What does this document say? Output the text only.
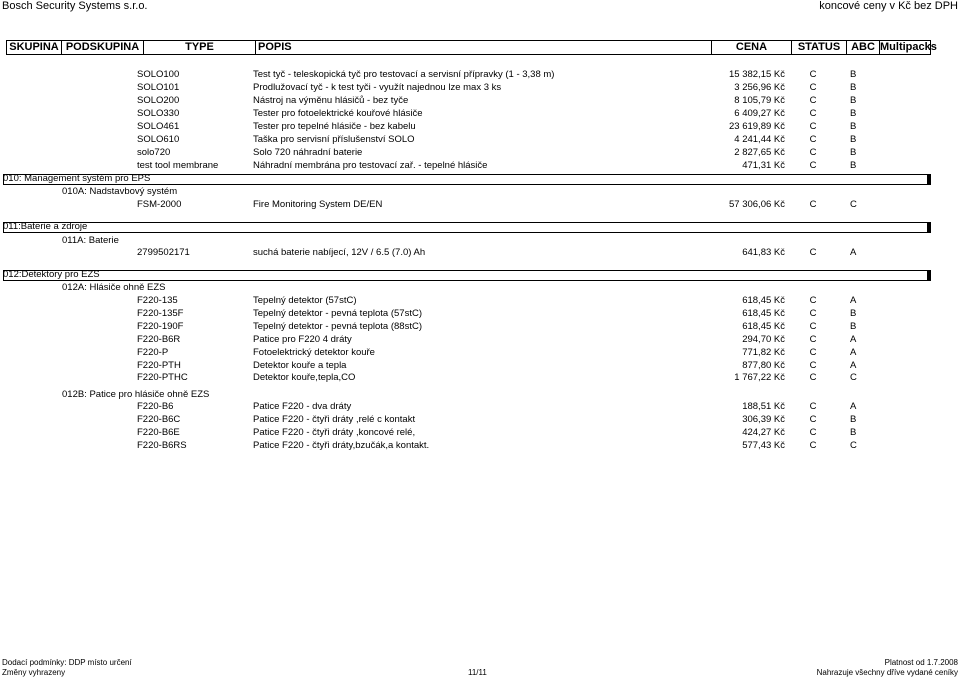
Bosch Security Systems s.r.o.	koncové ceny v Kč bez DPH
SKUPINA PODSKUPINA	TYPE	POPIS	CENA	STATUS ABC Multipacks
SOLO100	Test tyč - teleskopická tyč pro testovací a servisní přípravky (1 - 3,38 m)	15 382,15 Kč	C	B
SOLO101	Prodlužovací tyč - k test tyči - využít najednou lze max 3 ks	3 256,96 Kč	C	B
SOLO200	Nástroj na výměnu hlásičů - bez tyče	8 105,79 Kč	C	B
SOLO330	Tester pro fotoelektrické kouřové hlásiče	6 409,27 Kč	C	B
SOLO461	Tester pro tepelné hlásiče - bez kabelu	23 619,89 Kč	C	B
SOLO610	Taška pro servisní příslušenství SOLO	4 241,44 Kč	C	B
solo720	Solo 720 náhradní baterie	2 827,65 Kč	C	B
test tool membrane	Náhradní membrána pro testovací zař. - tepelné hlásiče	471,31 Kč	C	B
010: Management systém pro EPS
010A: Nadstavbový systém
FSM-2000	Fire Monitoring System DE/EN	57 306,06 Kč	C	C
011:Baterie a zdroje
011A: Baterie
2799502171	suchá baterie nabíjecí, 12V / 6.5 (7.0) Ah	641,83 Kč	C	A
012:Detektory pro EZS
012A: Hlásiče ohně EZS
F220-135	Tepelný detektor (57stC)	618,45 Kč	C	A
F220-135F	Tepelný detektor - pevná teplota (57stC)	618,45 Kč	C	B
F220-190F	Tepelný detektor - pevná teplota (88stC)	618,45 Kč	C	B
F220-B6R	Patice pro F220 4 dráty	294,70 Kč	C	A
F220-P	Fotoelektrický detektor kouře	771,82 Kč	C	A
F220-PTH	Detektor kouře a tepla	877,80 Kč	C	A
F220-PTHC	Detektor kouře,tepla,CO	1 767,22 Kč	C	C
012B: Patice pro hlásiče ohně EZS
F220-B6	Patice F220 - dva dráty	188,51 Kč	C	A
F220-B6C	Patice F220 - čtyři dráty ,relé c kontakt	306,39 Kč	C	B
F220-B6E	Patice F220 - čtyři dráty ,koncové relé,	424,27 Kč	C	B
F220-B6RS	Patice F220 - čtyři dráty,bzučák,a kontakt.	577,43 Kč	C	C
Dodací podmínky: DDP místo určení
Změny vyhrazeny	11/11
Platnost od 1.7.2008
Nahrazuje všechny dříve vydané ceníky
